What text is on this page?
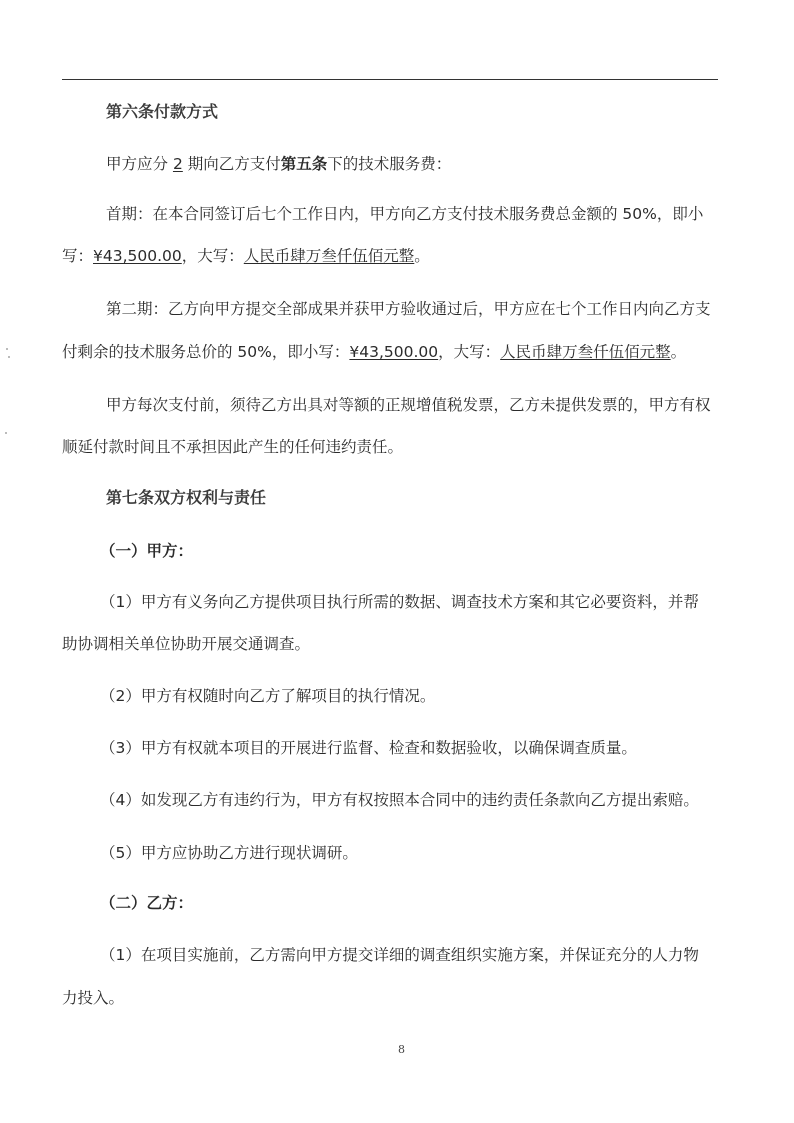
第六条付款方式
甲方应分 2 期向乙方支付第五条下的技术服务费：
首期：在本合同签订后七个工作日内，甲方向乙方支付技术服务费总金额的 50%，即小
写：¥43,500.00，大写：人民币肆万叁仟伍佰元整。
第二期：乙方向甲方提交全部成果并获甲方验收通过后，甲方应在七个工作日内向乙方支
付剩余的技术服务总价的 50%，即小写：¥43,500.00，大写：人民币肆万叁仟伍佰元整。
甲方每次支付前，须待乙方出具对等额的正规增值税发票，乙方未提供发票的，甲方有权
顺延付款时间且不承担因此产生的任何违约责任。
第七条双方权利与责任
（一）甲方：
（1）甲方有义务向乙方提供项目执行所需的数据、调查技术方案和其它必要资料，并帮
助协调相关单位协助开展交通调查。
（2）甲方有权随时向乙方了解项目的执行情况。
（3）甲方有权就本项目的开展进行监督、检查和数据验收，以确保调查质量。
（4）如发现乙方有违约行为，甲方有权按照本合同中的违约责任条款向乙方提出索赔。
（5）甲方应协助乙方进行现状调研。
（二）乙方：
（1）在项目实施前，乙方需向甲方提交详细的调查组织实施方案，并保证充分的人力物
力投入。
8
